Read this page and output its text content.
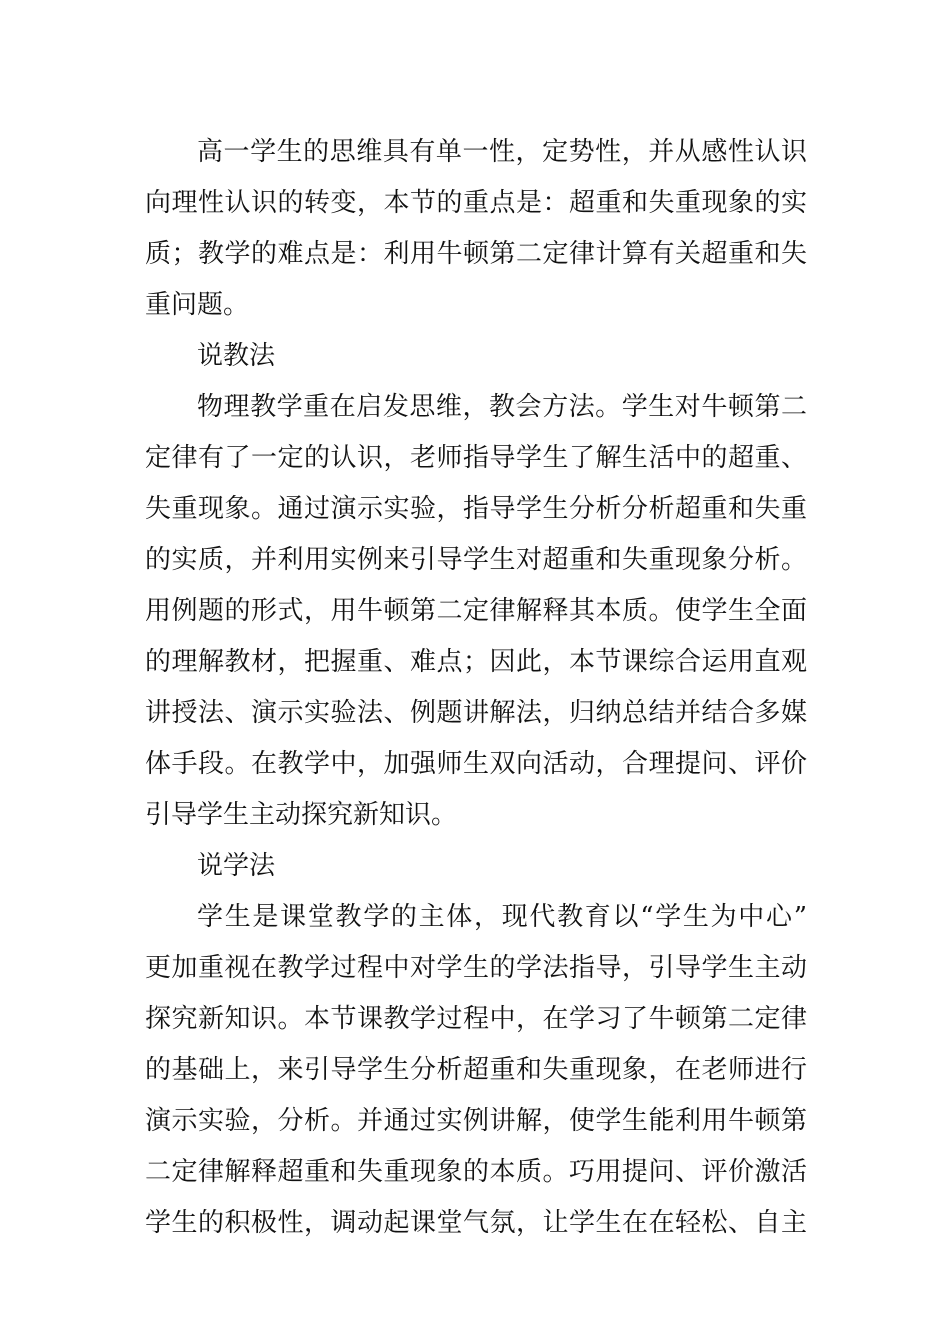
高一学生的思维具有单一性，定势性，并从感性认识
向理性认识的转变，本节的重点是：超重和失重现象的实
质；教学的难点是：利用牛顿第二定律计算有关超重和失
重问题。
说教法
物理教学重在启发思维，教会方法。学生对牛顿第二
定律有了一定的认识，老师指导学生了解生活中的超重、
失重现象。通过演示实验，指导学生分析分析超重和失重
的实质，并利用实例来引导学生对超重和失重现象分析。
用例题的形式，用牛顿第二定律解释其本质。使学生全面
的理解教材，把握重、难点；因此，本节课综合运用直观
讲授法、演示实验法、例题讲解法，归纳总结并结合多媒
体手段。在教学中，加强师生双向活动，合理提问、评价
引导学生主动探究新知识。
说学法
学生是课堂教学的主体，现代教育以“学生为中心”
更加重视在教学过程中对学生的学法指导，引导学生主动
探究新知识。本节课教学过程中，在学习了牛顿第二定律
的基础上，来引导学生分析超重和失重现象，在老师进行
演示实验，分析。并通过实例讲解，使学生能利用牛顿第
二定律解释超重和失重现象的本质。巧用提问、评价激活
学生的积极性，调动起课堂气氛，让学生在在轻松、自主
